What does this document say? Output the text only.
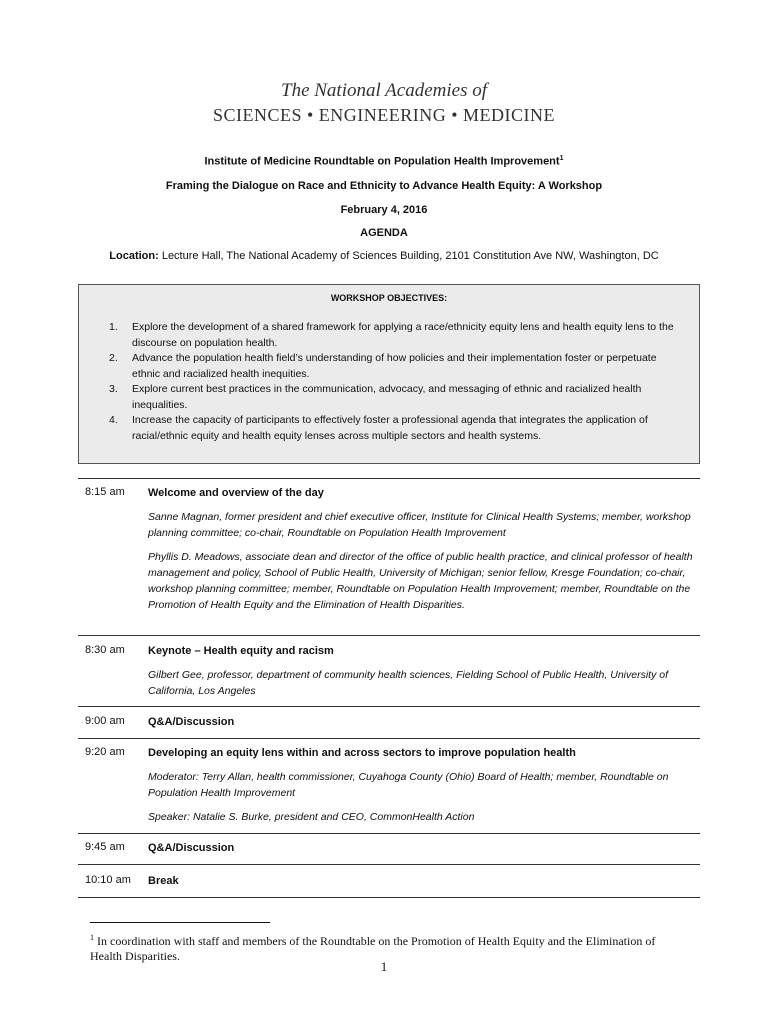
The National Academies of
SCIENCES • ENGINEERING • MEDICINE
Institute of Medicine Roundtable on Population Health Improvement$^1$
Framing the Dialogue on Race and Ethnicity to Advance Health Equity: A Workshop
February 4, 2016
AGENDA
Location: Lecture Hall, The National Academy of Sciences Building, 2101 Constitution Ave NW, Washington, DC
WORKSHOP OBJECTIVES:
1. Explore the development of a shared framework for applying a race/ethnicity equity lens and health equity lens to the discourse on population health.
2. Advance the population health field’s understanding of how policies and their implementation foster or perpetuate ethnic and racialized health inequities.
3. Explore current best practices in the communication, advocacy, and messaging of ethnic and racialized health inequalities.
4. Increase the capacity of participants to effectively foster a professional agenda that integrates the application of racial/ethnic equity and health equity lenses across multiple sectors and health systems.
8:15 am Welcome and overview of the day
Sanne Magnan, former president and chief executive officer, Institute for Clinical Health Systems; member, workshop planning committee; co-chair, Roundtable on Population Health Improvement
Phyllis D. Meadows, associate dean and director of the office of public health practice, and clinical professor of health management and policy, School of Public Health, University of Michigan; senior fellow, Kresge Foundation; co-chair, workshop planning committee; member, Roundtable on Population Health Improvement; member, Roundtable on the Promotion of Health Equity and the Elimination of Health Disparities.
8:30 am Keynote – Health equity and racism
Gilbert Gee, professor, department of community health sciences, Fielding School of Public Health, University of California, Los Angeles
9:00 am Q&A/Discussion
9:20 am Developing an equity lens within and across sectors to improve population health
Moderator: Terry Allan, health commissioner, Cuyahoga County (Ohio) Board of Health; member, Roundtable on Population Health Improvement
Speaker: Natalie S. Burke, president and CEO, CommonHealth Action
9:45 am Q&A/Discussion
10:10 am Break
$^1$ In coordination with staff and members of the Roundtable on the Promotion of Health Equity and the Elimination of Health Disparities.
1
